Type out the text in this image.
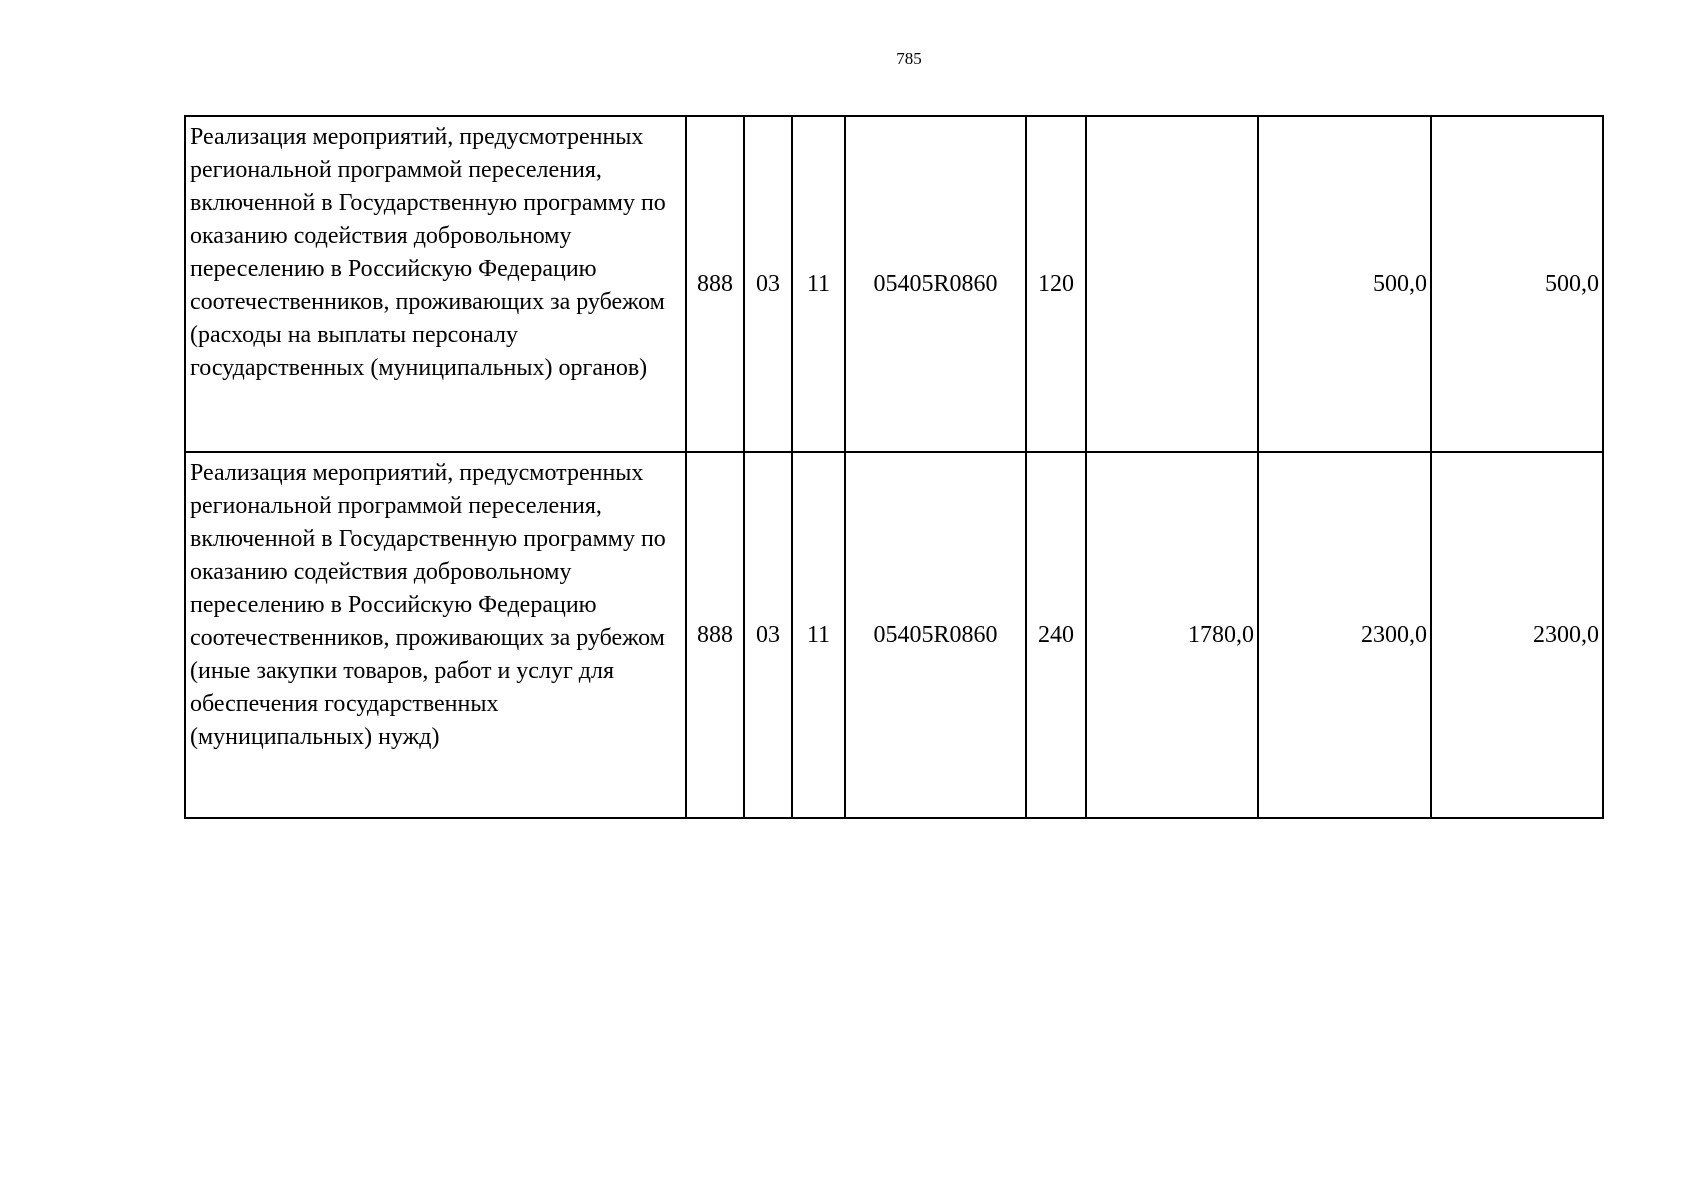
785
Реализация мероприятий, предусмотренных региональной программой переселения, включенной в Государственную программу по оказанию содействия добровольному переселению в Российскую Федерацию соотечественников, проживающих за рубежом (расходы на выплаты персоналу государственных (муниципальных) органов)	888	03	11	05405R0860	120		500,0	500,0
Реализация мероприятий, предусмотренных региональной программой переселения, включенной в Государственную программу по оказанию содействия добровольному переселению в Российскую Федерацию соотечественников, проживающих за рубежом (иные закупки товаров, работ и услуг для обеспечения государственных (муниципальных) нужд)	888	03	11	05405R0860	240	1780,0	2300,0	2300,0
